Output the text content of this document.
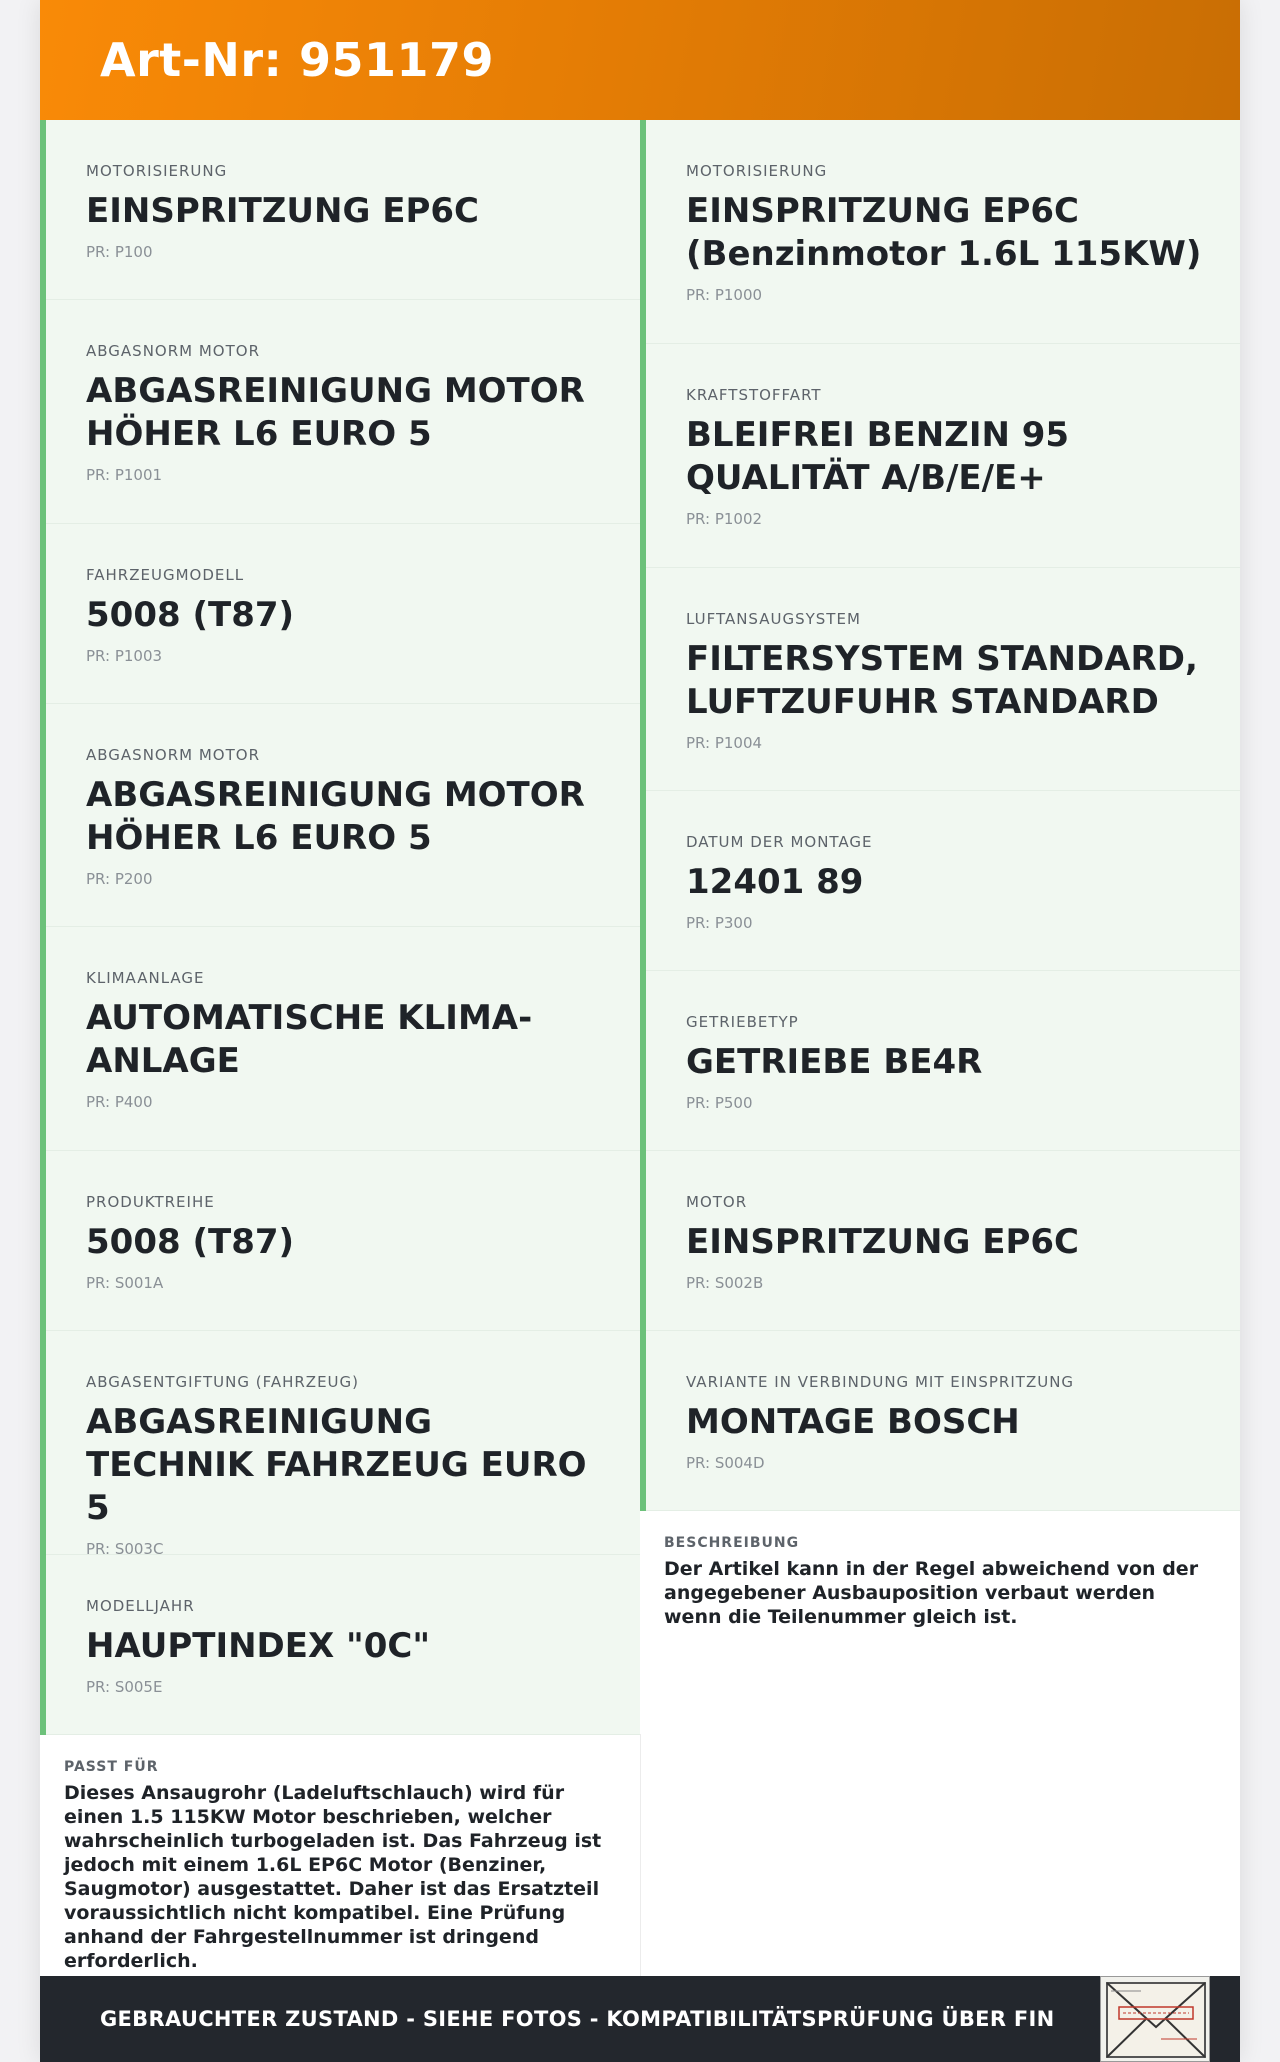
Art-Nr: 951179
MOTORISIERUNG
EINSPRITZUNG EP6C
PR: P100
ABGASNORM MOTOR
ABGASREINIGUNG MOTOR HÖHER L6 EURO 5
PR: P1001
FAHRZEUGMODELL
5008 (T87)
PR: P1003
ABGASNORM MOTOR
ABGASREINIGUNG MOTOR HÖHER L6 EURO 5
PR: P200
KLIMAANLAGE
AUTOMATISCHE KLIMA-ANLAGE
PR: P400
PRODUKTREIHE
5008 (T87)
PR: S001A
ABGASENTGIFTUNG (FAHRZEUG)
ABGASREINIGUNG TECHNIK FAHRZEUG EURO 5
PR: S003C
MODELLJAHR
HAUPTINDEX "0C"
PR: S005E
PASST FÜR
Dieses Ansaugrohr (Ladeluftschlauch) wird für einen 1.5 115KW Motor beschrieben, welcher wahrscheinlich turbogeladen ist. Das Fahrzeug ist jedoch mit einem 1.6L EP6C Motor (Benziner, Saugmotor) ausgestattet. Daher ist das Ersatzteil voraussichtlich nicht kompatibel. Eine Prüfung anhand der Fahrgestellnummer ist dringend erforderlich.
MOTORISIERUNG
EINSPRITZUNG EP6C (Benzinmotor 1.6L 115KW)
PR: P1000
KRAFTSTOFFART
BLEIFREI BENZIN 95 QUALITÄT A/B/E/E+
PR: P1002
LUFTANSAUGSYSTEM
FILTERSYSTEM STANDARD, LUFTZUFUHR STANDARD
PR: P1004
DATUM DER MONTAGE
12401 89
PR: P300
GETRIEBETYP
GETRIEBE BE4R
PR: P500
MOTOR
EINSPRITZUNG EP6C
PR: S002B
VARIANTE IN VERBINDUNG MIT EINSPRITZUNG
MONTAGE BOSCH
PR: S004D
BESCHREIBUNG
Der Artikel kann in der Regel abweichend von der angegebener Ausbauposition verbaut werden wenn die Teilenummer gleich ist.
GEBRAUCHTER ZUSTAND - SIEHE FOTOS - KOMPATIBILITÄTSPRÜFUNG ÜBER FIN
